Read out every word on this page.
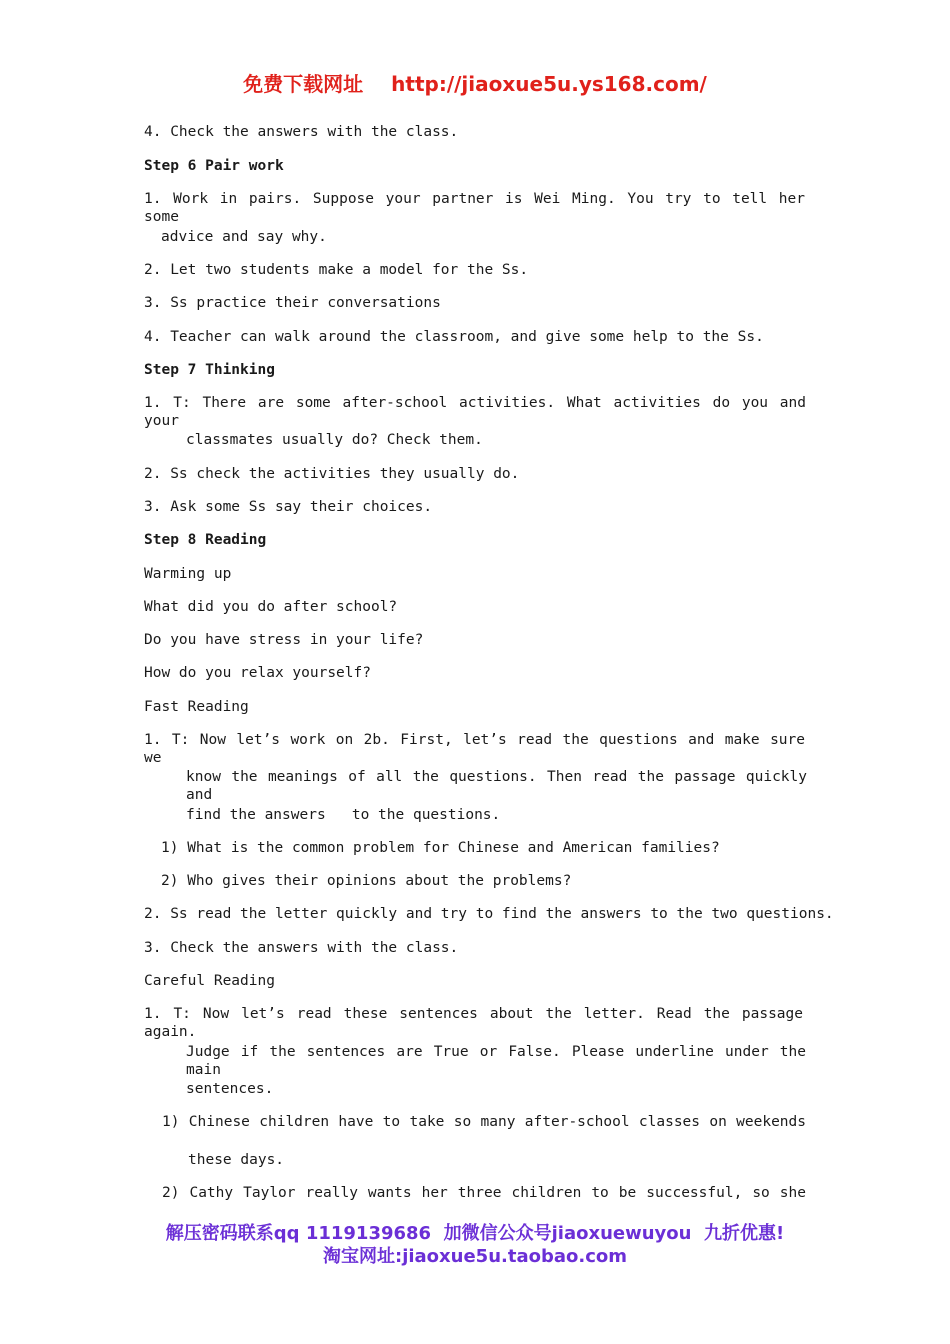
免费下载网址 http://jiaoxue5u.ys168.com/
4. Check the answers with the class.
Step 6 Pair work
1. Work in pairs. Suppose your partner is Wei Ming. You try to tell her some
advice and say why.
2. Let two students make a model for the Ss.
3. Ss practice their conversations
4. Teacher can walk around the classroom, and give some help to the Ss.
Step 7 Thinking
1. T: There are some after-school activities. What activities do you and your
classmates usually do? Check them.
2. Ss check the activities they usually do.
3. Ask some Ss say their choices.
Step 8 Reading
Warming up
What did you do after school?
Do you have stress in your life?
How do you relax yourself?
Fast Reading
1. T: Now let’s work on 2b. First, let’s read the questions and make sure we
know the meanings of all the questions. Then read the passage quickly and
find the answers   to the questions.
1) What is the common problem for Chinese and American families?
2) Who gives their opinions about the problems?
2. Ss read the letter quickly and try to find the answers to the two questions.
3. Check the answers with the class.
Careful Reading
1. T: Now let’s read these sentences about the letter. Read the passage again.
Judge if the sentences are True or False. Please underline under the main
sentences.
1) Chinese children have to take so many after-school classes on weekends
these days.
2) Cathy Taylor really wants her three children to be successful, so she
解压密码联系qq 1119139686 加微信公众号jiaoxuewuyou 九折优惠!
淘宝网址:jiaoxue5u.taobao.com
